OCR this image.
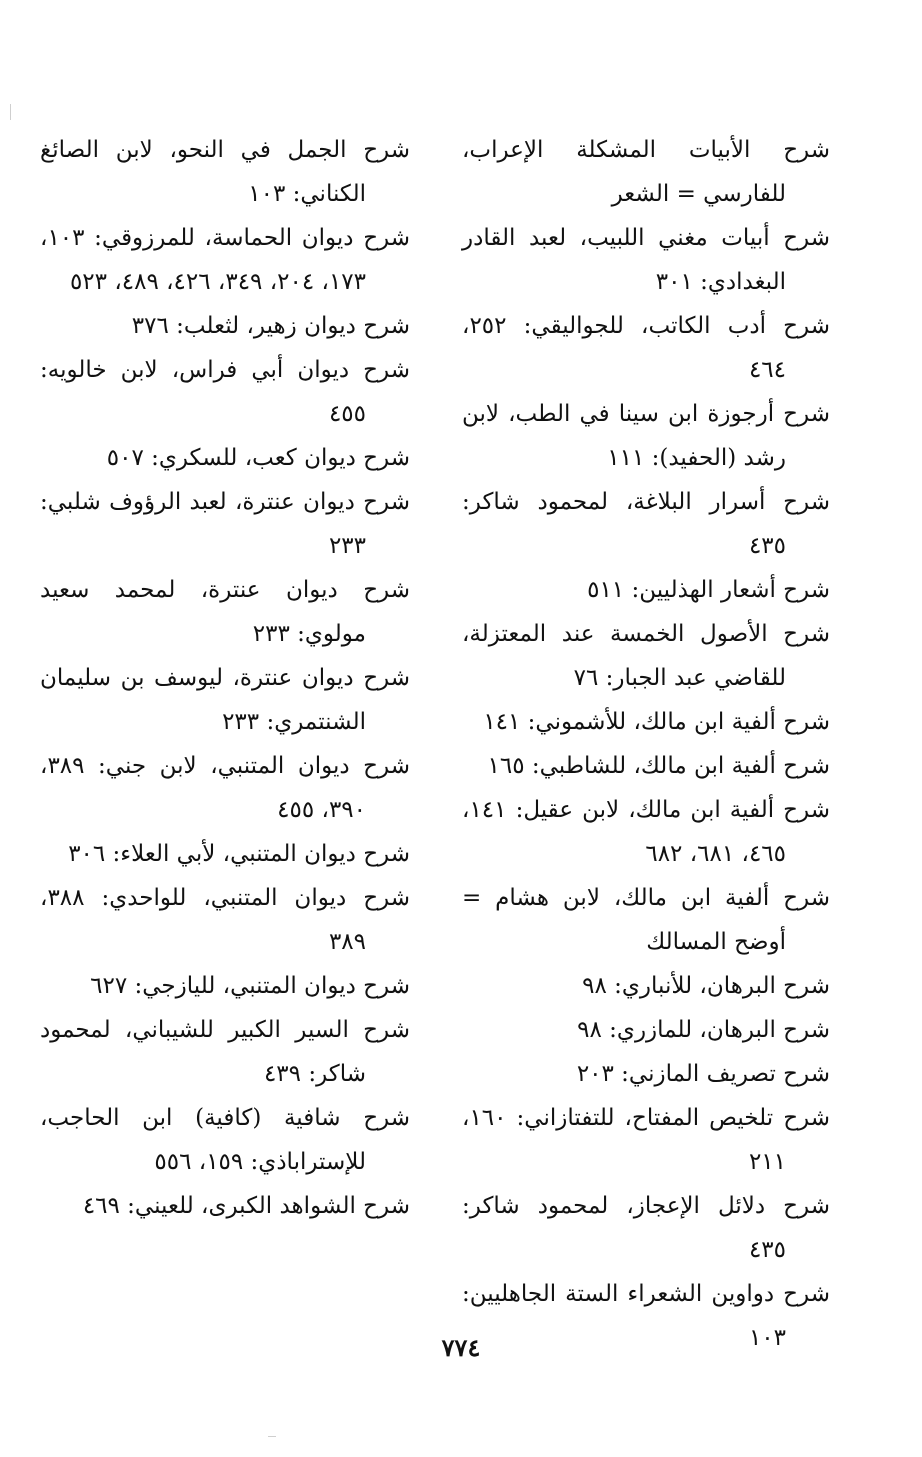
شرح الأبيات المشكلة الإعراب، للفارسي = الشعر

شرح أبيات مغني اللبيب، لعبد القادر البغدادي: ٣٠١

شرح أدب الكاتب، للجواليقي: ٢٥٢، ٤٦٤

شرح أرجوزة ابن سينا في الطب، لابن رشد (الحفيد): ١١١

شرح أسرار البلاغة، لمحمود شاكر: ٤٣٥

شرح أشعار الهذليين: ٥١١

شرح الأصول الخمسة عند المعتزلة، للقاضي عبد الجبار: ٧٦

شرح ألفية ابن مالك، للأشموني: ١٤١

شرح ألفية ابن مالك، للشاطبي: ١٦٥

شرح ألفية ابن مالك، لابن عقيل: ١٤١، ٤٦٥، ٦٨١، ٦٨٢

شرح ألفية ابن مالك، لابن هشام = أوضح المسالك

شرح البرهان، للأنباري: ٩٨

شرح البرهان، للمازري: ٩٨

شرح تصريف المازني: ٢٠٣

شرح تلخيص المفتاح، للتفتازاني: ١٦٠، ٢١١

شرح دلائل الإعجاز، لمحمود شاكر: ٤٣٥

شرح دواوين الشعراء الستة الجاهليين: ١٠٣

شرح الجمل في النحو، لابن الصائغ الكناني: ١٠٣

شرح ديوان الحماسة، للمرزوقي: ١٠٣، ١٧٣، ٢٠٤، ٣٤٩، ٤٢٦، ٤٨٩، ٥٢٣

شرح ديوان زهير، لثعلب: ٣٧٦

شرح ديوان أبي فراس، لابن خالويه: ٤٥٥

شرح ديوان كعب، للسكري: ٥٠٧

شرح ديوان عنترة، لعبد الرؤوف شلبي: ٢٣٣

شرح ديوان عنترة، لمحمد سعيد مولوي: ٢٣٣

شرح ديوان عنترة، ليوسف بن سليمان الشنتمري: ٢٣٣

شرح ديوان المتنبي، لابن جني: ٣٨٩، ٣٩٠، ٤٥٥

شرح ديوان المتنبي، لأبي العلاء: ٣٠٦

شرح ديوان المتنبي، للواحدي: ٣٨٨، ٣٨٩

شرح ديوان المتنبي، لليازجي: ٦٢٧

شرح السير الكبير للشيباني، لمحمود شاكر: ٤٣٩

شرح شافية (كافية) ابن الحاجب، للإستراباذي: ١٥٩، ٥٥٦

شرح الشواهد الكبرى، للعيني: ٤٦٩

٧٧٤
